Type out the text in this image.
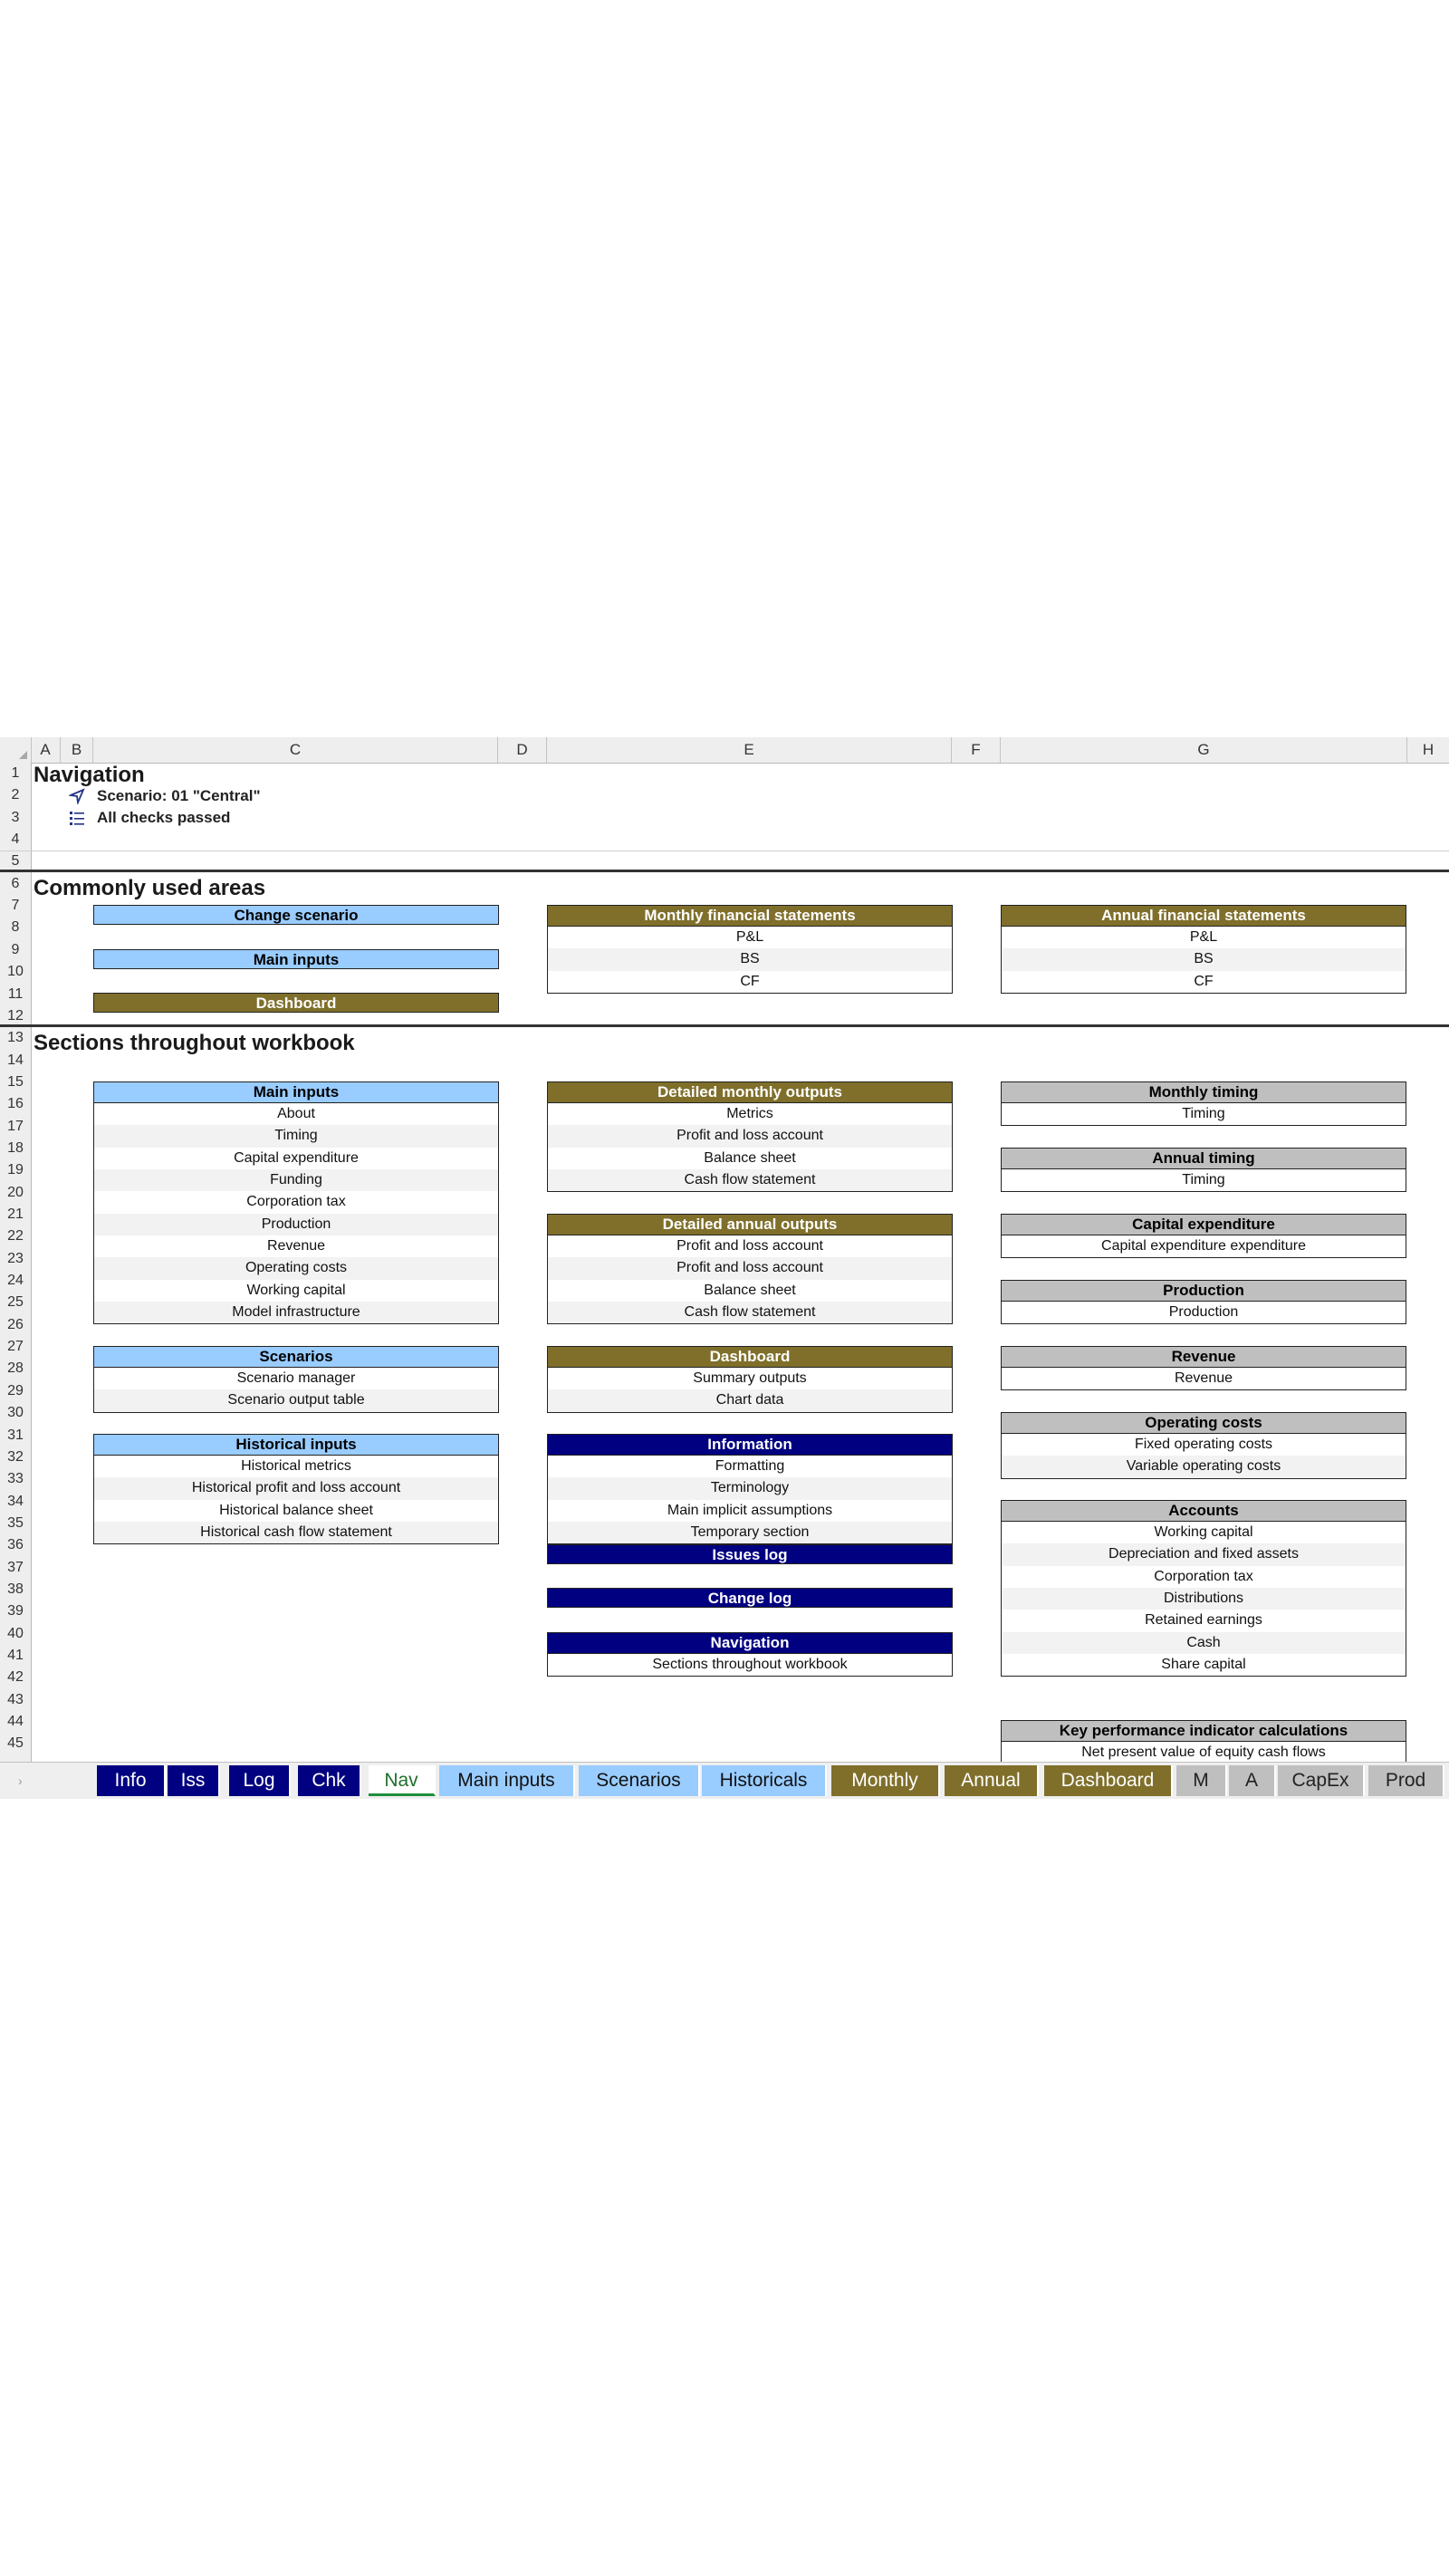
A	B	C	D	E	F	G	H
1
2
3
4
5
6
7
8
9
10
11
12
13
14
15
16
17
18
19
20
21
22
23
24
25
26
27
28
29
30
31
32
33
34
35
36
37
38
39
40
41
42
43
44
45
Navigation
Scenario: 01 "Central"
All checks passed
Commonly used areas
Change scenario
Main inputs
Dashboard
Monthly financial statements
P&L
BS
CF
Annual financial statements
P&L
BS
CF
Sections throughout workbook
Main inputs
About
Timing
Capital expenditure
Funding
Corporation tax
Production
Revenue
Operating costs
Working capital
Model infrastructure
Scenarios
Scenario manager
Scenario output table
Historical inputs
Historical metrics
Historical profit and loss account
Historical balance sheet
Historical cash flow statement
Detailed monthly outputs
Metrics
Profit and loss account
Balance sheet
Cash flow statement
Detailed annual outputs
Profit and loss account
Profit and loss account
Balance sheet
Cash flow statement
Dashboard
Summary outputs
Chart data
Information
Formatting
Terminology
Main implicit assumptions
Temporary section
Issues log
Change log
Navigation
Sections throughout workbook
Monthly timing
Timing
Annual timing
Timing
Capital expenditure
Capital expenditure expenditure
Production
Production
Revenue
Revenue
Operating costs
Fixed operating costs
Variable operating costs
Accounts
Working capital
Depreciation and fixed assets
Corporation tax
Distributions
Retained earnings
Cash
Share capital
Key performance indicator calculations
Net present value of equity cash flows
›	Info	Iss	Log	Chk	Nav	Main inputs	Scenarios	Historicals	Monthly	Annual	Dashboard	M	A	CapEx	Prod
